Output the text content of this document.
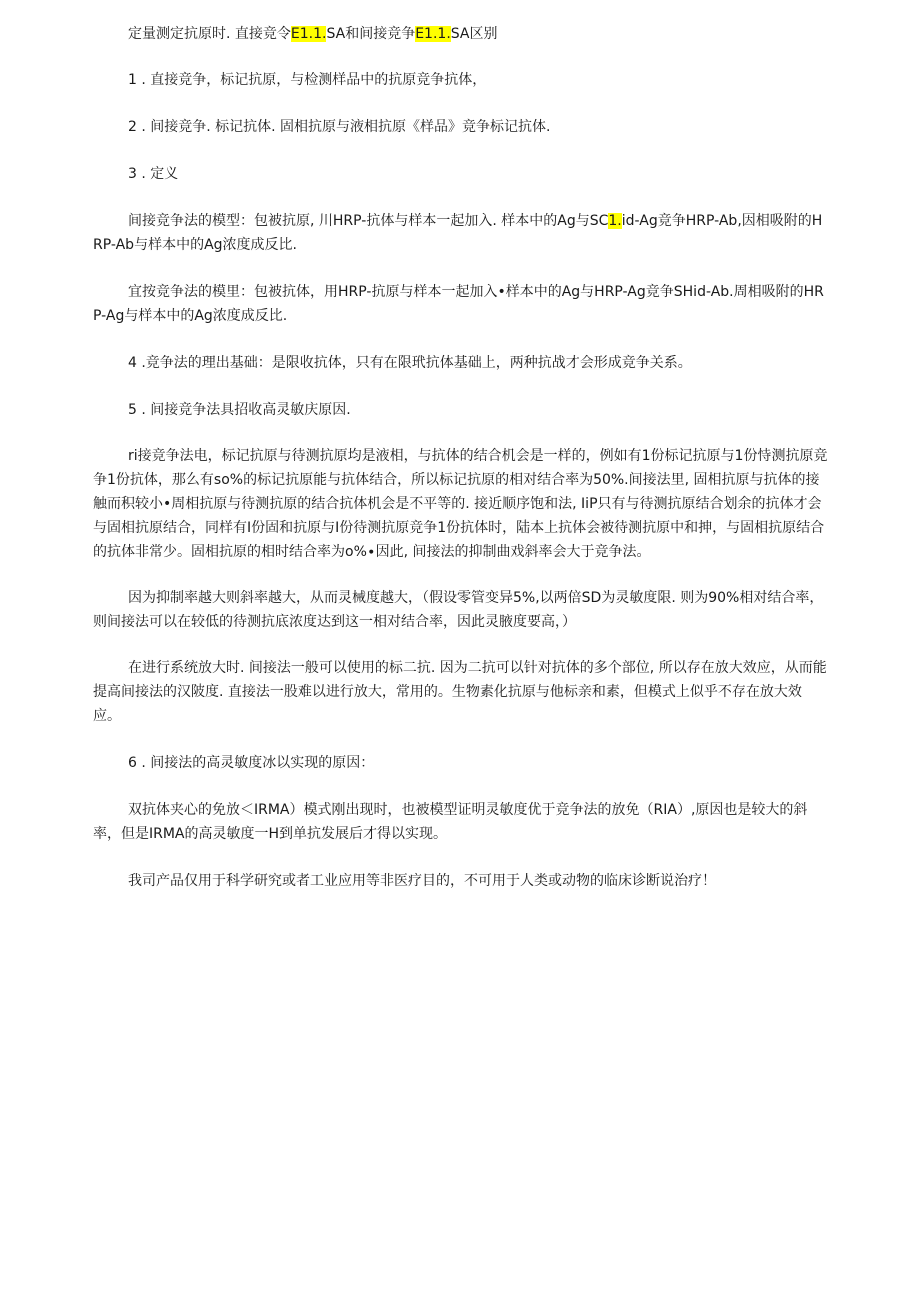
定量测定抗原时. 直接竞令E1.1.SA和间接竞争E1.1.SA区别

1 . 直接竞争，标记抗原，与检测样品中的抗原竞争抗体，

2 . 间接竞争. 标记抗体. 固相抗原与液相抗原《样品》竞争标记抗体.

3 . 定义

间接竞争法的模型：包被抗原, 川HRP-抗体与样本一起加入. 样本中的Ag与SC1.id-Ag竞争HRP-Ab,因相吸附的HRP-Ab与样本中的Ag浓度成反比.

宜按竞争法的模里：包被抗体，用HRP-抗原与样本一起加入•样本中的Ag与HRP-Ag竞争SHid-Ab.周相吸附的HRP-Ag与样本中的Ag浓度成反比.

4 .竞争法的理出基础：是限收抗体，只有在限玳抗体基础上，两种抗战才会形成竞争关系。

5 . 间接竞争法具招收高灵敏庆原因.

ri接竞争法电，标记抗原与待测抗原均是液相，与抗体的结合机会是一样的，例如有1份标记抗原与1份恃测抗原竞争1份抗体，那么有so%的标记抗原能与抗体结合，所以标记抗原的相对结合率为50%.间接法里, 固相抗原与抗体的接触而积较小•周相抗原与待测抗原的结合抗体机会是不平等的. 接近顺序饱和法, IiP只有与待测抗原结合划余的抗体才会与固相抗原结合，同样有I份固和抗原与I份待测抗原竞争1份抗体时，陆本上抗体会被待测抗原中和抻，与固相抗原结合的抗体非常少。固相抗原的相时结合率为o%∙因此, 间接法的抑制曲戏斜率会大于竞争法。

因为抑制率越大则斜率越大，从而灵械度越大，（假设零管变异5%,以两倍SD为灵敏度限. 则为90%相对结合率，则间接法可以在较低的待测抗底浓度达到这一相对结合率，因此灵腋度要高，）

在进行系统放大时. 间接法一般可以使用的标二抗. 因为二抗可以针对抗体的多个部位, 所以存在放大效应，从而能提高间接法的汉陂度. 直接法一股难以进行放大，常用的。生物素化抗原与他标亲和素，但模式上似乎不存在放大效应。

6 . 间接法的高灵敏度冰以实现的原因：

双抗体夹心的免放＜IRMA）模式刚出现时，也被模型证明灵敏度优于竞争法的放免（RIA）,原因也是较大的斜率，但是IRMA的高灵敏度一H到单抗发展后才得以实现。

我司产品仅用于科学研究或者工业应用等非医疗目的，不可用于人类或动物的临床诊断说治疗！
